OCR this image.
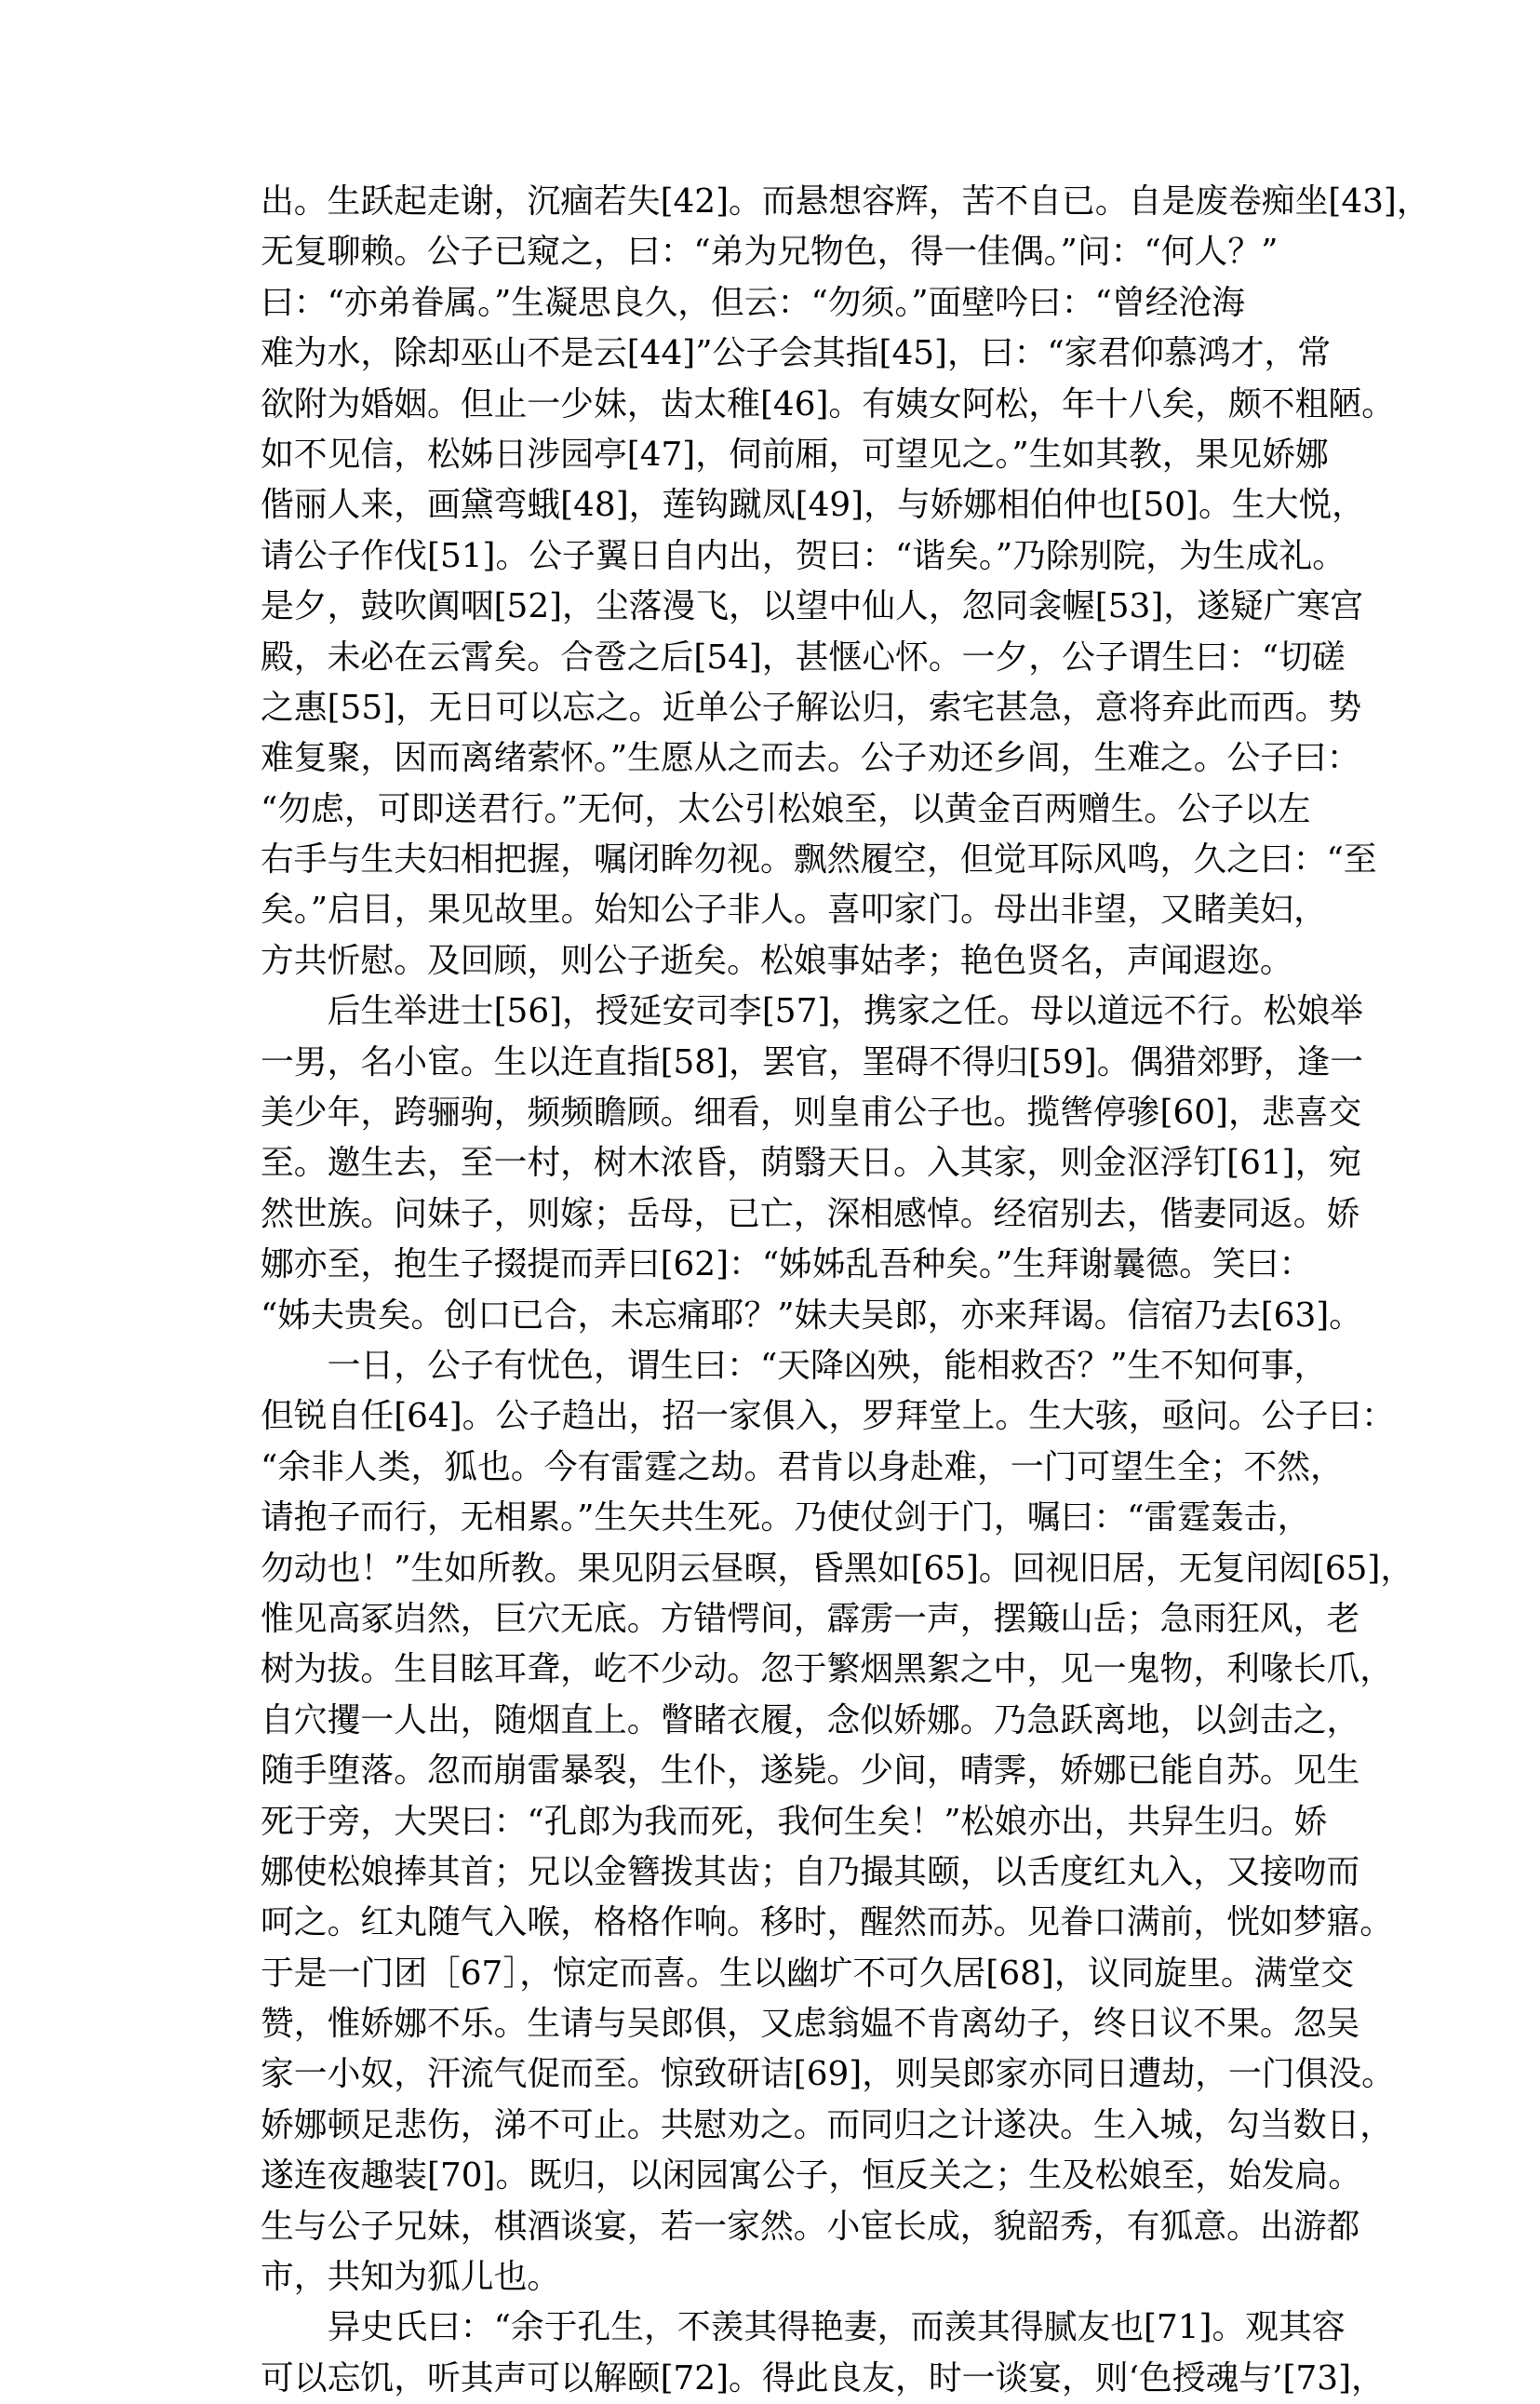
出。生跃起走谢，沉痼若失[42]。而悬想容辉，苦不自已。自是废卷痴坐[43]，
无复聊赖。公子已窥之，曰：“弟为兄物色，得一佳偶。”问：“何人？”
曰：“亦弟眷属。”生凝思良久，但云：“勿须。”面壁吟曰：“曾经沧海
难为水，除却巫山不是云[44]”公子会其指[45]，曰：“家君仰慕鸿才，常
欲附为婚姻。但止一少妹，齿太稚[46]。有姨女阿松，年十八矣，颇不粗陋。
如不见信，松姊日涉园亭[47]，伺前厢，可望见之。”生如其教，果见娇娜
偕丽人来，画黛弯蛾[48]，莲钩蹴凤[49]，与娇娜相伯仲也[50]。生大悦，
请公子作伐[51]。公子翼日自内出，贺曰：“谐矣。”乃除别院，为生成礼。
是夕，鼓吹阗咽[52]，尘落漫飞，以望中仙人，忽同衾幄[53]，遂疑广寒宫
殿，未必在云霄矣。合卺之后[54]，甚惬心怀。一夕，公子谓生曰：“切磋
之惠[55]，无日可以忘之。近单公子解讼归，索宅甚急，意将弃此而西。势
难复聚，因而离绪萦怀。”生愿从之而去。公子劝还乡闾，生难之。公子曰：
“勿虑，可即送君行。”无何，太公引松娘至，以黄金百两赠生。公子以左
右手与生夫妇相把握，嘱闭眸勿视。飘然履空，但觉耳际风鸣，久之曰：“至
矣。”启目，果见故里。始知公子非人。喜叩家门。母出非望，又睹美妇，
方共忻慰。及回顾，则公子逝矣。松娘事姑孝；艳色贤名，声闻遐迩。
　　后生举进士[56]，授延安司李[57]，携家之任。母以道远不行。松娘举
一男，名小宦。生以迕直指[58]，罢官，罣碍不得归[59]。偶猎郊野，逢一
美少年，跨骊驹，频频瞻顾。细看，则皇甫公子也。揽辔停骖[60]，悲喜交
至。邀生去，至一村，树木浓昏，荫翳天日。入其家，则金沤浮钉[61]，宛
然世族。问妹子，则嫁；岳母，已亡，深相感悼。经宿别去，偕妻同返。娇
娜亦至，抱生子掇提而弄曰[62]：“姊姊乱吾种矣。”生拜谢曩德。笑曰：
“姊夫贵矣。创口已合，未忘痛耶？”妹夫吴郎，亦来拜谒。信宿乃去[63]。
　　一日，公子有忧色，谓生曰：“天降凶殃，能相救否？”生不知何事，
但锐自任[64]。公子趋出，招一家俱入，罗拜堂上。生大骇，亟问。公子曰：
“余非人类，狐也。今有雷霆之劫。君肯以身赴难，一门可望生全；不然，
请抱子而行，无相累。”生矢共生死。乃使仗剑于门，嘱曰：“雷霆轰击，
勿动也！”生如所教。果见阴云昼暝，昏黑如[65]。回视旧居，无复闬闳[65]，
惟见高冢岿然，巨穴无底。方错愕间，霹雳一声，摆簸山岳；急雨狂风，老
树为拔。生目眩耳聋，屹不少动。忽于繁烟黑絮之中，见一鬼物，利喙长爪，
自穴攫一人出，随烟直上。瞥睹衣履，念似娇娜。乃急跃离地，以剑击之，
随手堕落。忽而崩雷暴裂，生仆，遂毙。少间，晴霁，娇娜已能自苏。见生
死于旁，大哭曰：“孔郎为我而死，我何生矣！”松娘亦出，共舁生归。娇
娜使松娘捧其首；兄以金簪拨其齿；自乃撮其颐，以舌度红丸入，又接吻而
呵之。红丸随气入喉，格格作响。移时，醒然而苏。见眷口满前，恍如梦寤。
于是一门团［67］，惊定而喜。生以幽圹不可久居[68]，议同旋里。满堂交
赞，惟娇娜不乐。生请与吴郎俱，又虑翁媪不肯离幼子，终日议不果。忽吴
家一小奴，汗流气促而至。惊致研诘[69]，则吴郎家亦同日遭劫，一门俱没。
娇娜顿足悲伤，涕不可止。共慰劝之。而同归之计遂决。生入城，勾当数日，
遂连夜趣装[70]。既归，以闲园寓公子，恒反关之；生及松娘至，始发扃。
生与公子兄妹，棋酒谈宴，若一家然。小宦长成，貌韶秀，有狐意。出游都
市，共知为狐儿也。
　　异史氏曰：“余于孔生，不羡其得艳妻，而羡其得腻友也[71]。观其容
可以忘饥，听其声可以解颐[72]。得此良友，时一谈宴，则‘色授魂与’[73]，
